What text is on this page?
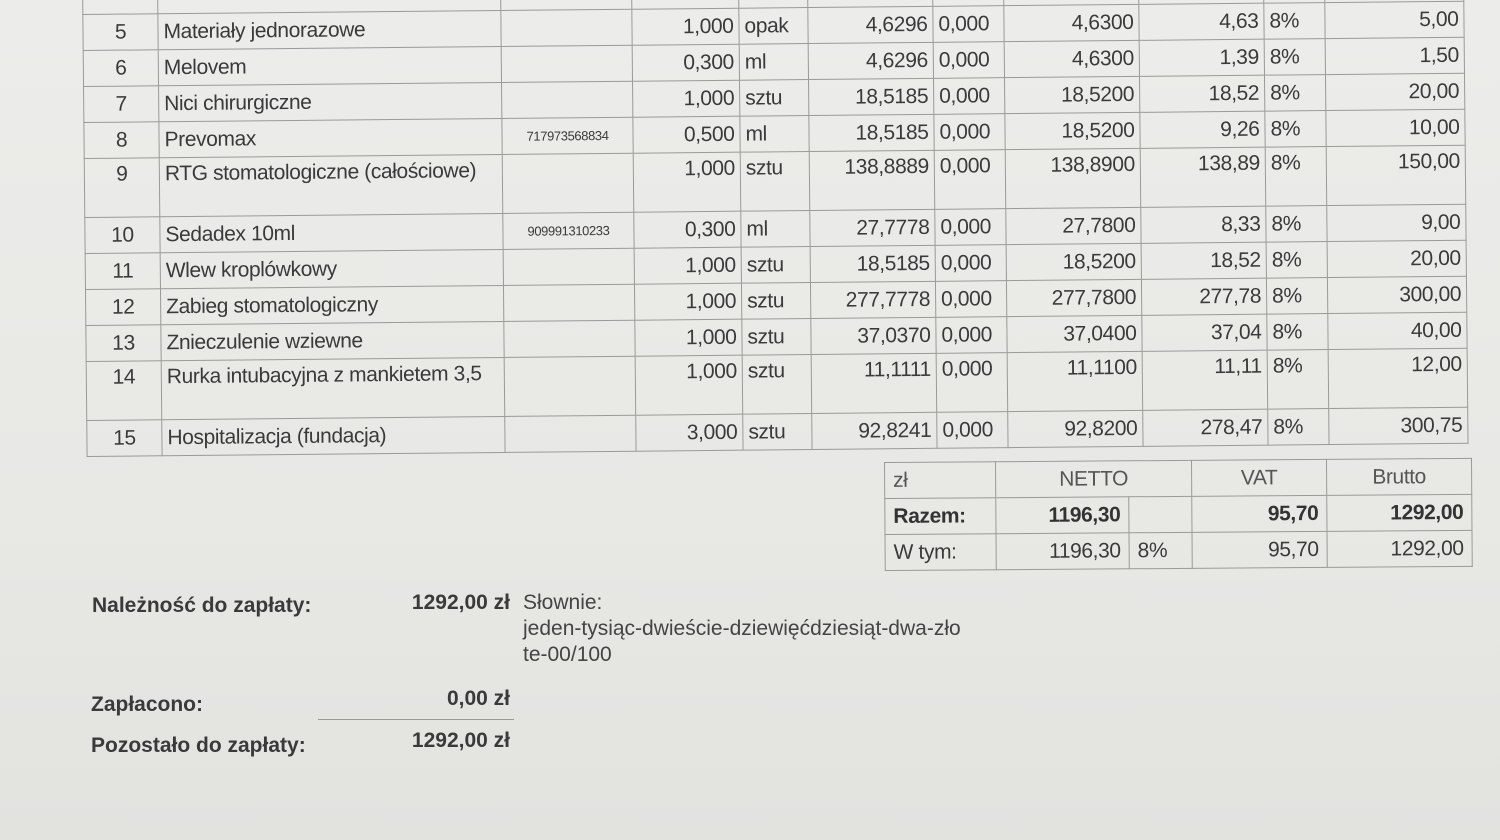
5	Materiały jednorazowe		1,000	opak	4,6296	0,000	4,6300	4,63	8%	5,00
6	Melovem		0,300	ml	4,6296	0,000	4,6300	1,39	8%	1,50
7	Nici chirurgiczne		1,000	sztu	18,5185	0,000	18,5200	18,52	8%	20,00
8	Prevomax	717973568834	0,500	ml	18,5185	0,000	18,5200	9,26	8%	10,00
9	RTG stomatologiczne (całościowe)		1,000	sztu	138,8889	0,000	138,8900	138,89	8%	150,00
10	Sedadex 10ml	909991310233	0,300	ml	27,7778	0,000	27,7800	8,33	8%	9,00
11	Wlew kroplówkowy		1,000	sztu	18,5185	0,000	18,5200	18,52	8%	20,00
12	Zabieg stomatologiczny		1,000	sztu	277,7778	0,000	277,7800	277,78	8%	300,00
13	Znieczulenie wziewne		1,000	sztu	37,0370	0,000	37,0400	37,04	8%	40,00
14	Rurka intubacyjna z mankietem 3,5		1,000	sztu	11,1111	0,000	11,1100	11,11	8%	12,00
15	Hospitalizacja (fundacja)		3,000	sztu	92,8241	0,000	92,8200	278,47	8%	300,75
zł	NETTO		VAT	Brutto
Razem:	1196,30		95,70	1292,00
W tym:	1196,30	8%	95,70	1292,00
Należność do zapłaty:	1292,00 zł Słownie:
jeden-tysiąc-dwieście-dziewięćdziesiąt-dwa-zło
te-00/100
Zapłacono:	0,00 zł
Pozostało do zapłaty:	1292,00 zł
